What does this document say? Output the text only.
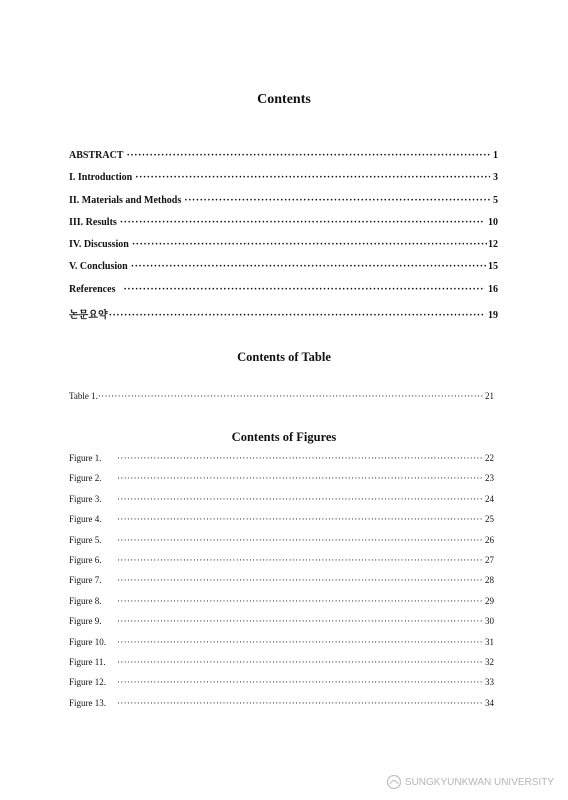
Contents
ABSTRACT ·····	1
I. Introduction ·····	3
II. Materials and Methods ·····	5
III. Results ·····	10
IV. Discussion ·····	12
V. Conclusion ·····	15
References ·····	16
논문요약 ·····	19
Contents of Table
Table 1. ·····	21
Contents of Figures
Figure 1. ·····	22
Figure 2. ·····	23
Figure 3. ·····	24
Figure 4. ·····	25
Figure 5. ·····	26
Figure 6. ·····	27
Figure 7. ·····	28
Figure 8. ·····	29
Figure 9. ·····	30
Figure 10. ·····	31
Figure 11. ·····	32
Figure 12. ·····	33
Figure 13. ·····	34
SUNGKYUNKWAN UNIVERSITY
